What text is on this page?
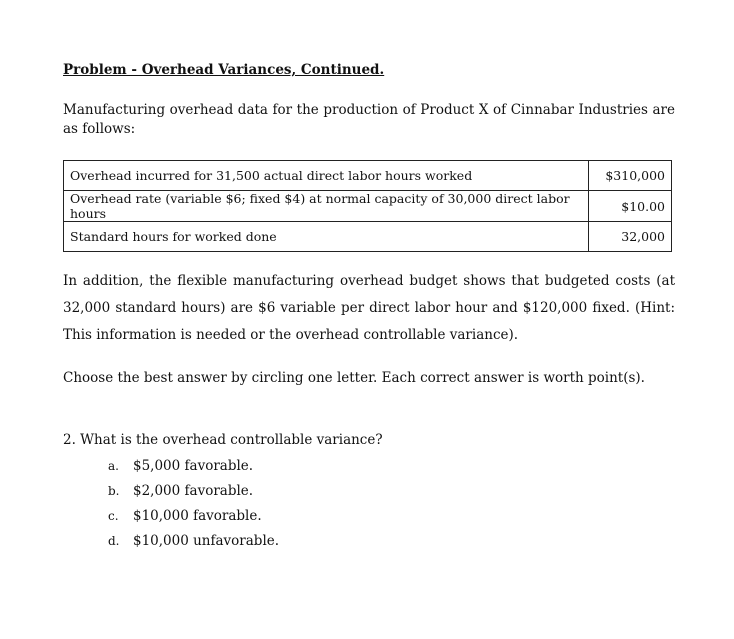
Problem - Overhead Variances, Continued.
Manufacturing overhead data for the production of Product X of Cinnabar Industries are as follows:
Overhead incurred for 31,500 actual direct labor hours worked	$310,000
Overhead rate (variable $6; fixed $4) at normal capacity of 30,000 direct labor hours	$10.00
Standard hours for worked done	32,000
In addition, the flexible manufacturing overhead budget shows that budgeted costs (at 32,000 standard hours) are $6 variable per direct labor hour and $120,000 fixed. (Hint: This information is needed or the overhead controllable variance).
Choose the best answer by circling one letter. Each correct answer is worth point(s).
2. What is the overhead controllable variance?
a.	$5,000 favorable.
b.	$2,000 favorable.
c.	$10,000 favorable.
d.	$10,000 unfavorable.
